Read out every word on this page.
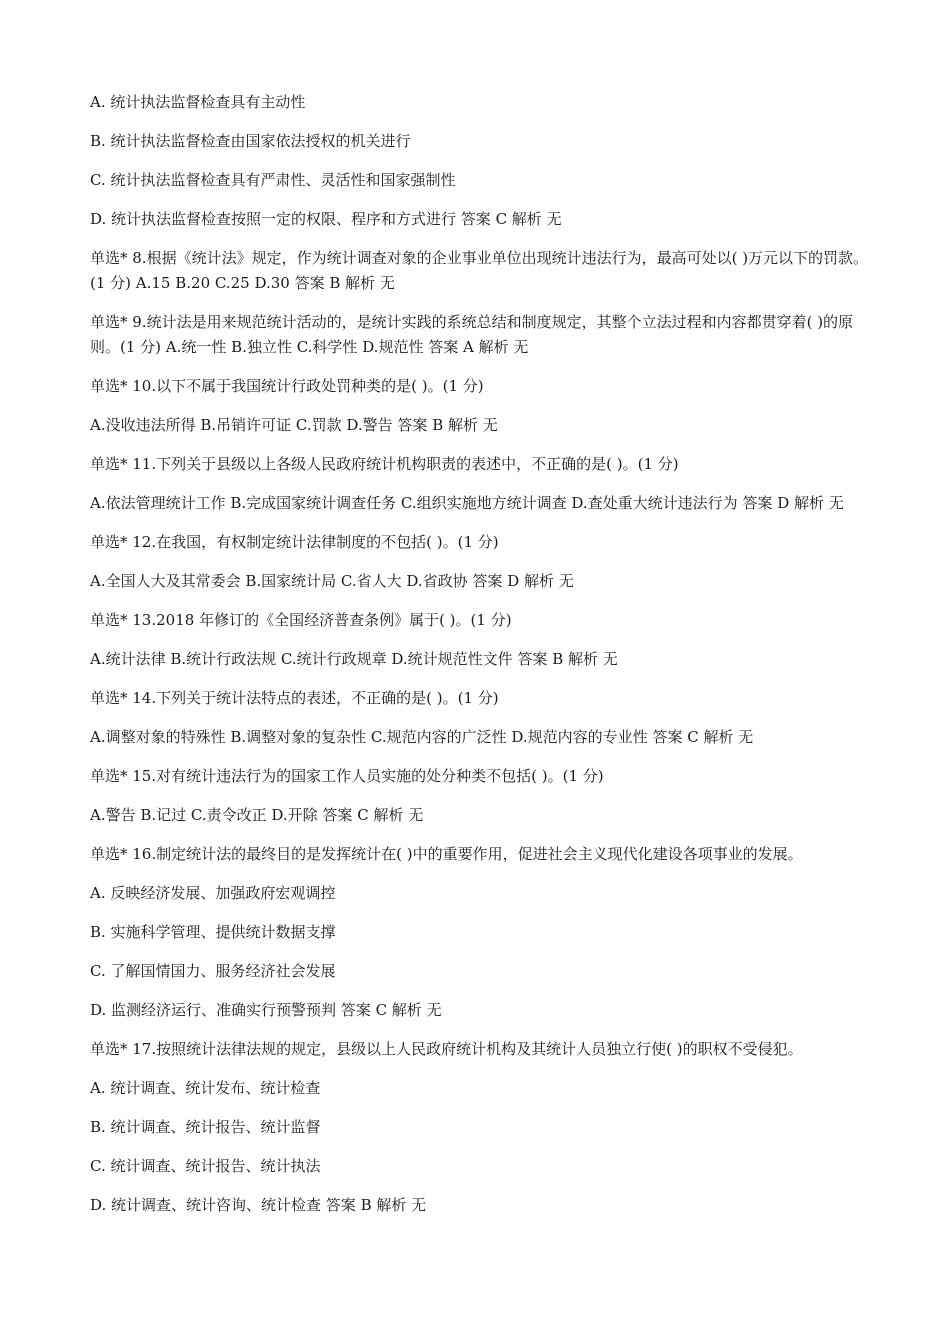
A. 统计执法监督检查具有主动性

B. 统计执法监督检查由国家依法授权的机关进行

C. 统计执法监督检查具有严肃性、灵活性和国家强制性

D. 统计执法监督检查按照一定的权限、程序和方式进行 答案 C 解析 无

单选* 8.根据《统计法》规定，作为统计调查对象的企业事业单位出现统计违法行为，最高可处以( )万元以下的罚款。(1 分) A.15 B.20 C.25 D.30 答案 B 解析 无

单选* 9.统计法是用来规范统计活动的，是统计实践的系统总结和制度规定，其整个立法过程和内容都贯穿着( )的原则。(1 分) A.统一性 B.独立性 C.科学性 D.规范性 答案 A 解析 无

单选* 10.以下不属于我国统计行政处罚种类的是( )。(1 分)

A.没收违法所得 B.吊销许可证 C.罚款 D.警告 答案 B 解析 无

单选* 11.下列关于县级以上各级人民政府统计机构职责的表述中，不正确的是( )。(1 分)

A.依法管理统计工作 B.完成国家统计调查任务 C.组织实施地方统计调查 D.查处重大统计违法行为 答案 D 解析 无

单选* 12.在我国，有权制定统计法律制度的不包括( )。(1 分)

A.全国人大及其常委会 B.国家统计局 C.省人大 D.省政协 答案 D 解析 无

单选* 13.2018 年修订的《全国经济普查条例》属于( )。(1 分)

A.统计法律 B.统计行政法规 C.统计行政规章 D.统计规范性文件 答案 B 解析 无

单选* 14.下列关于统计法特点的表述，不正确的是( )。(1 分)

A.调整对象的特殊性 B.调整对象的复杂性 C.规范内容的广泛性 D.规范内容的专业性 答案 C 解析 无

单选* 15.对有统计违法行为的国家工作人员实施的处分种类不包括( )。(1 分)

A.警告 B.记过 C.责令改正 D.开除 答案 C 解析 无

单选* 16.制定统计法的最终目的是发挥统计在( )中的重要作用，促进社会主义现代化建设各项事业的发展。

A. 反映经济发展、加强政府宏观调控

B. 实施科学管理、提供统计数据支撑

C. 了解国情国力、服务经济社会发展

D. 监测经济运行、准确实行预警预判 答案 C 解析 无

单选* 17.按照统计法律法规的规定，县级以上人民政府统计机构及其统计人员独立行使( )的职权不受侵犯。

A. 统计调查、统计发布、统计检查

B. 统计调查、统计报告、统计监督

C. 统计调查、统计报告、统计执法

D. 统计调查、统计咨询、统计检查 答案 B 解析 无
